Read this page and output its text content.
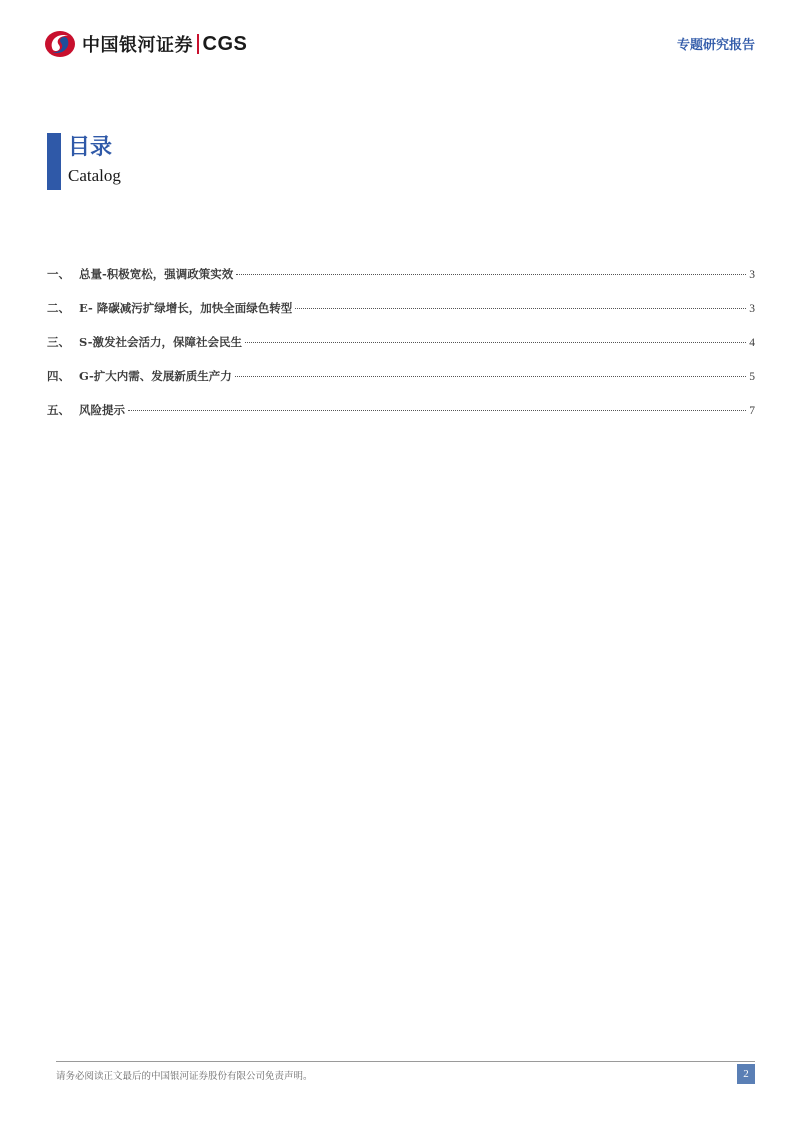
中国银河证券 CGS	专题研究报告
目录
Catalog
一、 总量-积极宽松，强调政策实效	3
二、 E- 降碳减污扩绿增长，加快全面绿色转型	3
三、 S-激发社会活力，保障社会民生	4
四、 G-扩大内需、发展新质生产力	5
五、 风险提示	7
请务必阅读正文最后的中国银河证券股份有限公司免责声明。	2
